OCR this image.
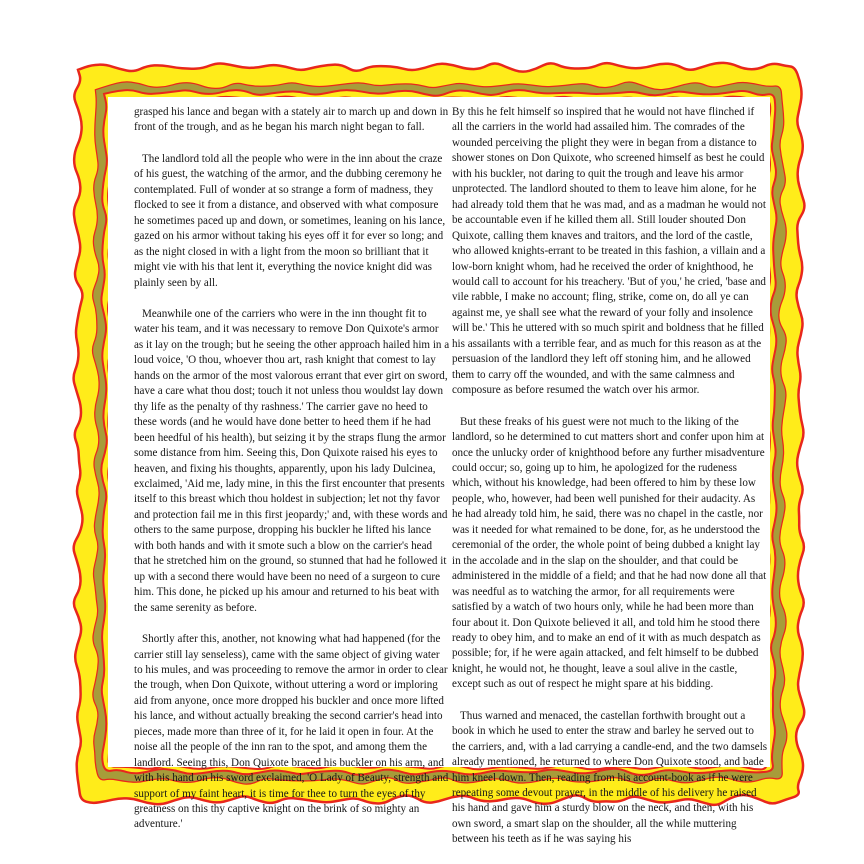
grasped his lance and began with a stately air to march up and down in front of the trough, and as he began his march night began to fall.

The landlord told all the people who were in the inn about the craze of his guest, the watching of the armor, and the dubbing ceremony he contemplated. Full of wonder at so strange a form of madness, they flocked to see it from a distance, and observed with what composure he sometimes paced up and down, or sometimes, leaning on his lance, gazed on his armor without taking his eyes off it for ever so long; and as the night closed in with a light from the moon so brilliant that it might vie with his that lent it, everything the novice knight did was plainly seen by all.

Meanwhile one of the carriers who were in the inn thought fit to water his team, and it was necessary to remove Don Quixote's armor as it lay on the trough; but he seeing the other approach hailed him in a loud voice, 'O thou, whoever thou art, rash knight that comest to lay hands on the armor of the most valorous errant that ever girt on sword, have a care what thou dost; touch it not unless thou wouldst lay down thy life as the penalty of thy rashness.' The carrier gave no heed to these words (and he would have done better to heed them if he had been heedful of his health), but seizing it by the straps flung the armor some distance from him. Seeing this, Don Quixote raised his eyes to heaven, and fixing his thoughts, apparently, upon his lady Dulcinea, exclaimed, 'Aid me, lady mine, in this the first encounter that presents itself to this breast which thou holdest in subjection; let not thy favor and protection fail me in this first jeopardy;' and, with these words and others to the same purpose, dropping his buckler he lifted his lance with both hands and with it smote such a blow on the carrier's head that he stretched him on the ground, so stunned that had he followed it up with a second there would have been no need of a surgeon to cure him. This done, he picked up his amour and returned to his beat with the same serenity as before.

Shortly after this, another, not knowing what had happened (for the carrier still lay senseless), came with the same object of giving water to his mules, and was proceeding to remove the armor in order to clear the trough, when Don Quixote, without uttering a word or imploring aid from anyone, once more dropped his buckler and once more lifted his lance, and without actually breaking the second carrier's head into pieces, made more than three of it, for he laid it open in four. At the noise all the people of the inn ran to the spot, and among them the landlord. Seeing this, Don Quixote braced his buckler on his arm, and with his hand on his sword exclaimed, 'O Lady of Beauty, strength and support of my faint heart, it is time for thee to turn the eyes of thy greatness on this thy captive knight on the brink of so mighty an adventure.'

By this he felt himself so inspired that he would not have flinched if all the carriers in the world had assailed him. The comrades of the wounded perceiving the plight they were in began from a distance to shower stones on Don Quixote, who screened himself as best he could with his buckler, not daring to quit the trough and leave his armor unprotected. The landlord shouted to them to leave him alone, for he had already told them that he was mad, and as a madman he would not be accountable even if he killed them all. Still louder shouted Don Quixote, calling them knaves and traitors, and the lord of the castle, who allowed knights-errant to be treated in this fashion, a villain and a low-born knight whom, had he received the order of knighthood, he would call to account for his treachery. 'But of you,' he cried, 'base and vile rabble, I make no account; fling, strike, come on, do all ye can against me, ye shall see what the reward of your folly and insolence will be.' This he uttered with so much spirit and boldness that he filled his assailants with a terrible fear, and as much for this reason as at the persuasion of the landlord they left off stoning him, and he allowed them to carry off the wounded, and with the same calmness and composure as before resumed the watch over his armor.

But these freaks of his guest were not much to the liking of the landlord, so he determined to cut matters short and confer upon him at once the unlucky order of knighthood before any further misadventure could occur; so, going up to him, he apologized for the rudeness which, without his knowledge, had been offered to him by these low people, who, however, had been well punished for their audacity. As he had already told him, he said, there was no chapel in the castle, nor was it needed for what remained to be done, for, as he understood the ceremonial of the order, the whole point of being dubbed a knight lay in the accolade and in the slap on the shoulder, and that could be administered in the middle of a field; and that he had now done all that was needful as to watching the armor, for all requirements were satisfied by a watch of two hours only, while he had been more than four about it. Don Quixote believed it all, and told him he stood there ready to obey him, and to make an end of it with as much despatch as possible; for, if he were again attacked, and felt himself to be dubbed knight, he would not, he thought, leave a soul alive in the castle, except such as out of respect he might spare at his bidding.

Thus warned and menaced, the castellan forthwith brought out a book in which he used to enter the straw and barley he served out to the carriers, and, with a lad carrying a candle-end, and the two damsels already mentioned, he returned to where Don Quixote stood, and bade him kneel down. Then, reading from his account-book as if he were repeating some devout prayer, in the middle of his delivery he raised his hand and gave him a sturdy blow on the neck, and then, with his own sword, a smart slap on the shoulder, all the while muttering between his teeth as if he was saying his
